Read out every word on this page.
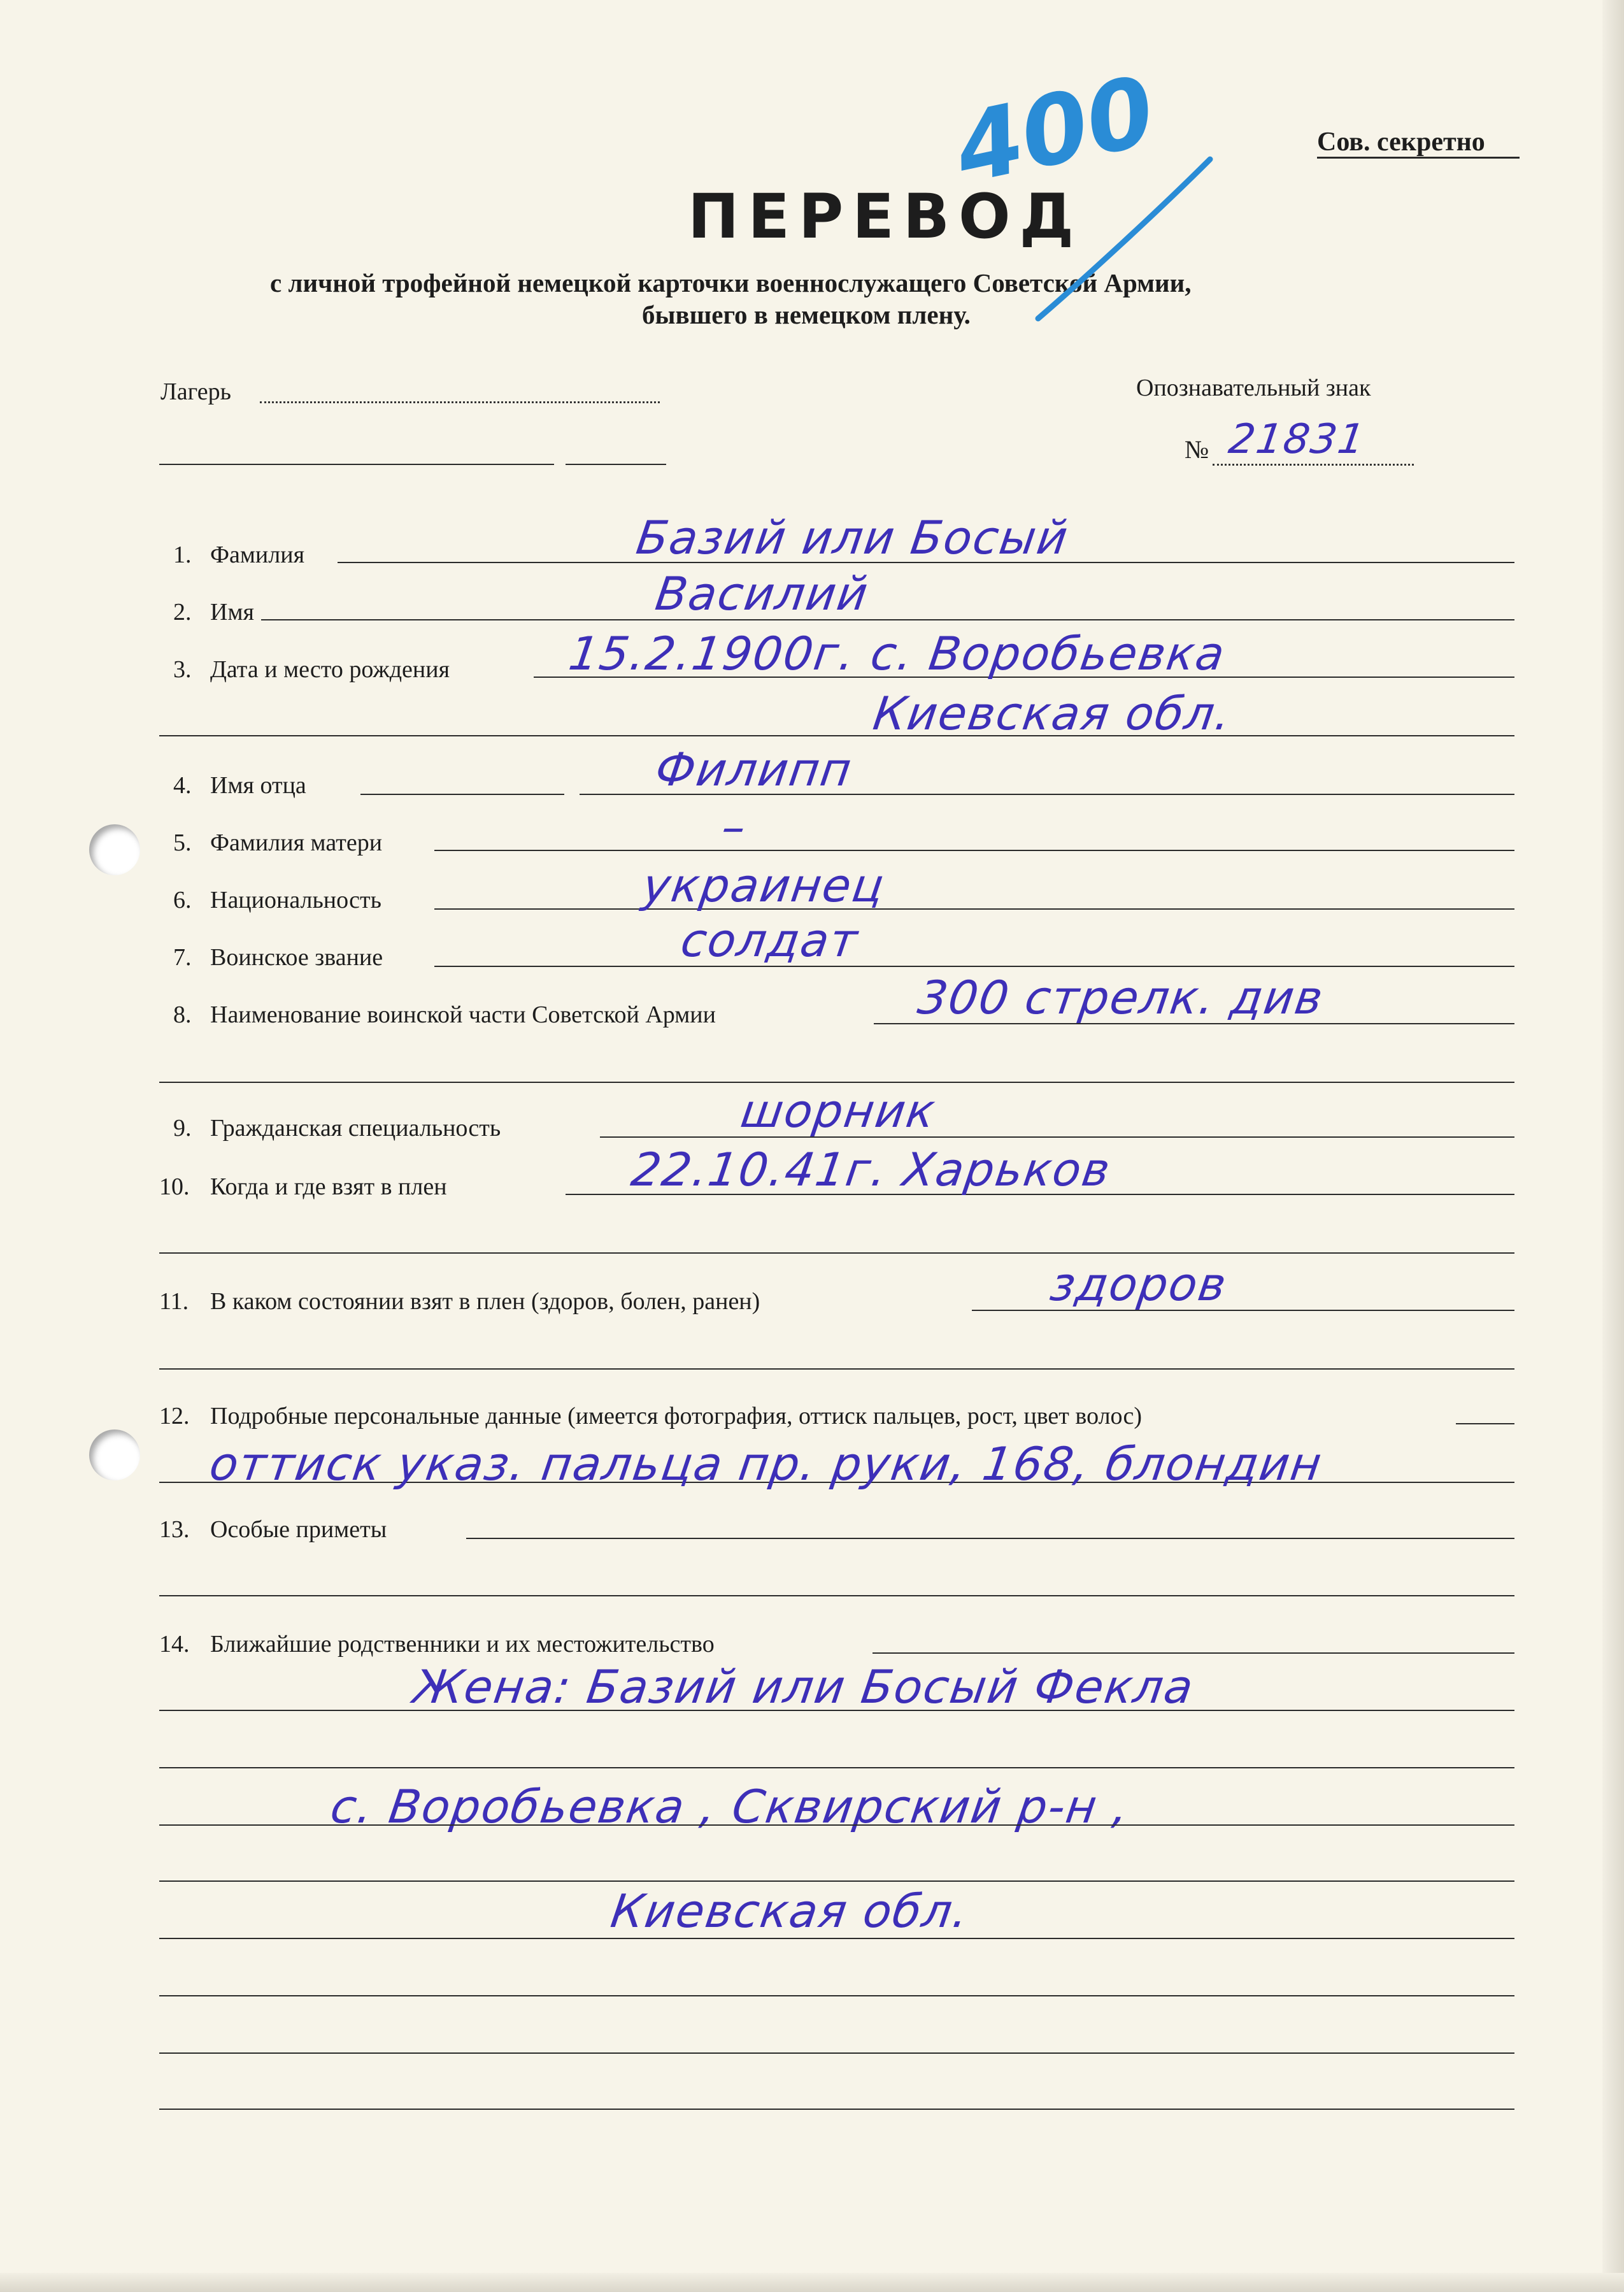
Сов. секретно
ПЕРЕВОД
с личной трофейной немецкой карточки военнослужащего Советской Армии,
бывшего в немецком плену.
400
Лагерь	Опознавательный знак
№ 21831
1. Фамилия	Базий или Босый
2. Имя	Василий
3. Дата и место рождения	15.2.1900г. с. Воробьевка
Киевская обл.
4. Имя отца	Филипп
5. Фамилия матери	–
6. Национальность	украинец
7. Воинское звание	солдат
8. Наименование воинской части Советской Армии	300 стрелк. див
9. Гражданская специальность	шорник
10. Когда и где взят в плен	22.10.41г. Харьков
11. В каком состоянии взят в плен (здоров, болен, ранен)	здоров
12. Подробные персональные данные (имеется фотография, оттиск пальцев, рост, цвет волос)
оттиск указ. пальца пр. руки, 168, блондин
13. Особые приметы
14. Ближайшие родственники и их местожительство
Жена: Базий или Босый Фекла
с. Воробьевка , Сквирский р-н ,
Киевская обл.
